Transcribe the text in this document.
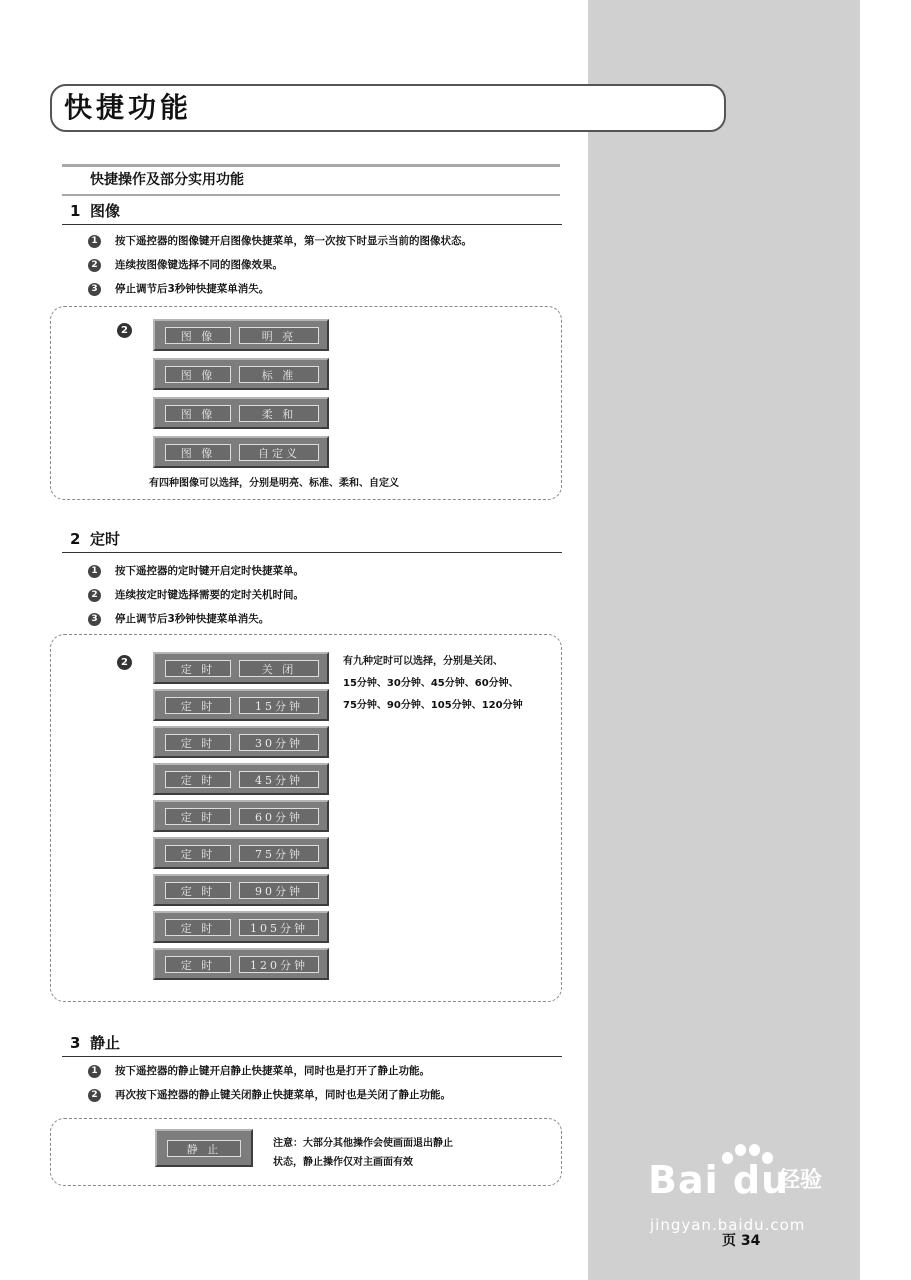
快捷功能
快捷操作及部分实用功能
1 图像
1 按下遥控器的图像键开启图像快捷菜单，第一次按下时显示当前的图像状态。
2 连续按图像键选择不同的图像效果。
3 停止调节后3秒钟快捷菜单消失。
2	图 像	明 亮
图 像	标 准
图 像	柔 和
图 像	自定义
有四种图像可以选择，分别是明亮、标准、柔和、自定义
2 定时
1 按下遥控器的定时键开启定时快捷菜单。
2 连续按定时键选择需要的定时关机时间。
3 停止调节后3秒钟快捷菜单消失。
2
定 时	关 闭
定 时	15分钟
定 时	30分钟
定 时	45分钟
定 时	60分钟
定 时	75分钟
定 时	90分钟
定 时	105分钟
定 时	120分钟
有九种定时可以选择，分别是关闭、
15分钟、30分钟、45分钟、60分钟、
75分钟、90分钟、105分钟、120分钟
3 静止
1 按下遥控器的静止键开启静止快捷菜单，同时也是打开了静止功能。
2 再次按下遥控器的静止键关闭静止快捷菜单，同时也是关闭了静止功能。
静 止	注意：大部分其他操作会使画面退出静止
状态，静止操作仅对主画面有效	Bai du
经验
jingyan.baidu.com
页 34
